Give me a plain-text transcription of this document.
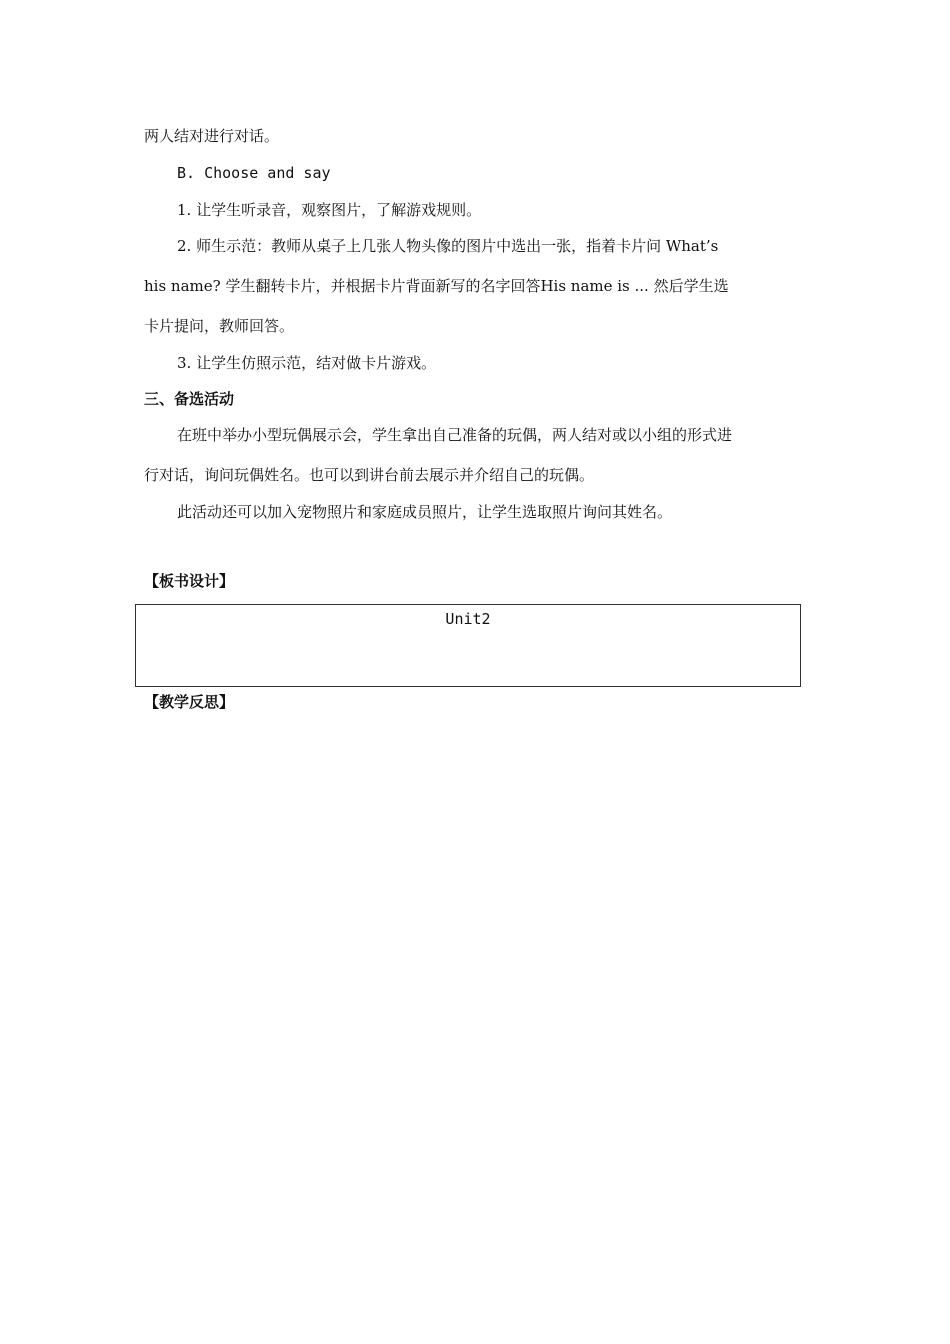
两人结对进行对话。
B. Choose and say
1. 让学生听录音，观察图片，了解游戏规则。
2. 师生示范：教师从桌子上几张人物头像的图片中选出一张，指着卡片问 What’s
his name? 学生翻转卡片，并根据卡片背面新写的名字回答His name is ... 然后学生选
卡片提问，教师回答。
3. 让学生仿照示范，结对做卡片游戏。
三、备选活动
在班中举办小型玩偶展示会，学生拿出自己准备的玩偶，两人结对或以小组的形式进
行对话，询问玩偶姓名。也可以到讲台前去展示并介绍自己的玩偶。
此活动还可以加入宠物照片和家庭成员照片，让学生选取照片询问其姓名。
【板书设计】
Unit2
【教学反思】
